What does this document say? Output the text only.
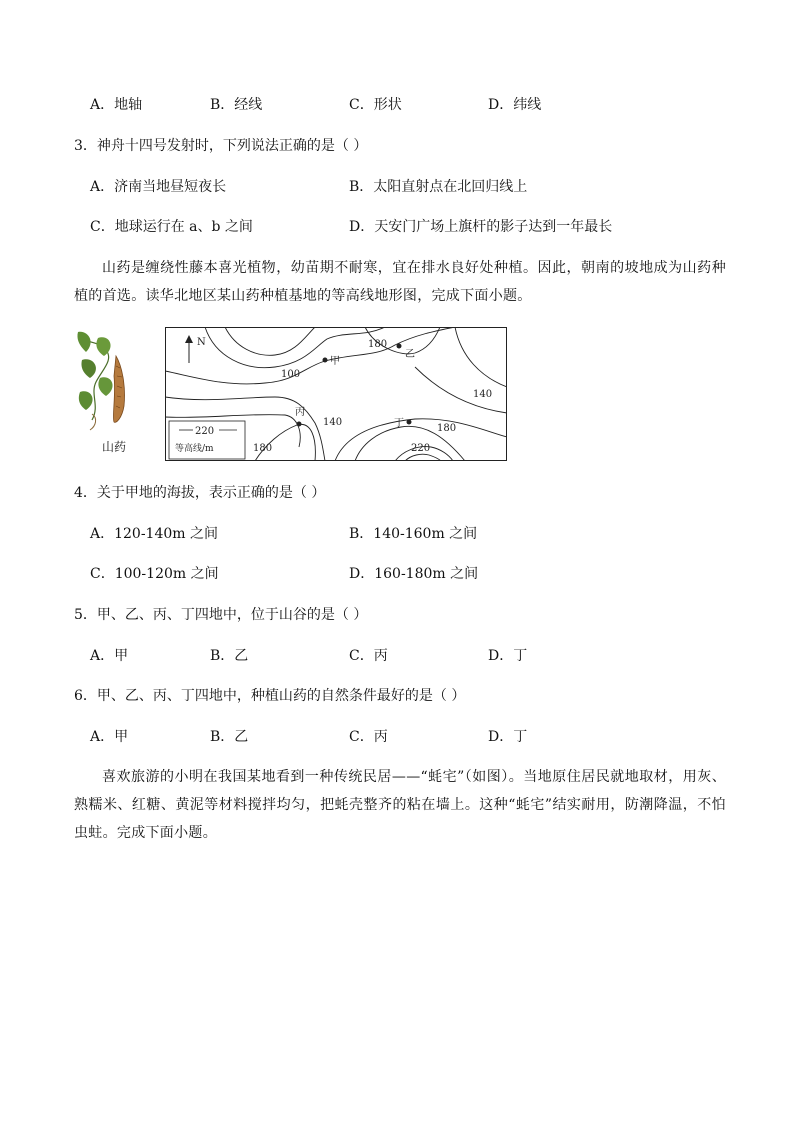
A．地轴	B．经线	C．形状	D．纬线
3．神舟十四号发射时，下列说法正确的是（ ）
A．济南当地昼短夜长	B．太阳直射点在北回归线上
C．地球运行在 a、b 之间	D．天安门广场上旗杆的影子达到一年最长

山药是缠绕性藤本喜光植物，幼苗期不耐寒，宜在排水良好处种植。因此，朝南的坡地成为山药种植的首选。读华北地区某山药种植基地的等高线地形图，完成下面小题。

山药
N
220
等高线/m
180
100
140
140
180
220
180
甲
乙
丙
丁
4．关于甲地的海拔，表示正确的是（ ）
A．120-140m 之间	B．140-160m 之间
C．100-120m 之间	D．160-180m 之间
5．甲、乙、丙、丁四地中，位于山谷的是（ ）
A．甲	B．乙	C．丙	D．丁
6．甲、乙、丙、丁四地中，种植山药的自然条件最好的是（ ）
A．甲	B．乙	C．丙	D．丁

喜欢旅游的小明在我国某地看到一种传统民居——“蚝宅”（如图）。当地原住居民就地取材，用灰、熟糯米、红糖、黄泥等材料搅拌均匀，把蚝壳整齐的粘在墙上。这种“蚝宅”结实耐用，防潮降温，不怕虫蛀。完成下面小题。
